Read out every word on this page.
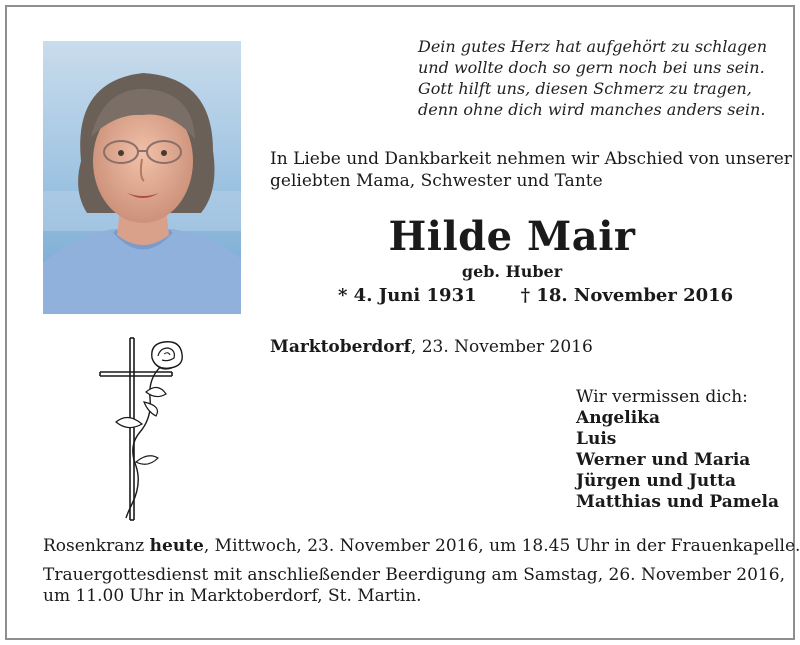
Dein gutes Herz hat aufgehört zu schlagen
und wollte doch so gern noch bei uns sein.
Gott hilft uns, diesen Schmerz zu tragen,
denn ohne dich wird manches anders sein.
In Liebe und Dankbarkeit nehmen wir Abschied von unserer
geliebten Mama, Schwester und Tante
Hilde Mair
geb. Huber
* 4. Juni 1931 † 18. November 2016
Marktoberdorf, 23. November 2016
Wir vermissen dich:
Angelika
Luis
Werner und Maria
Jürgen und Jutta
Matthias und Pamela
Rosenkranz heute, Mittwoch, 23. November 2016, um 18.45 Uhr in der Frauenkapelle.
Trauergottesdienst mit anschließender Beerdigung am Samstag, 26. November 2016,
um 11.00 Uhr in Marktoberdorf, St. Martin.
